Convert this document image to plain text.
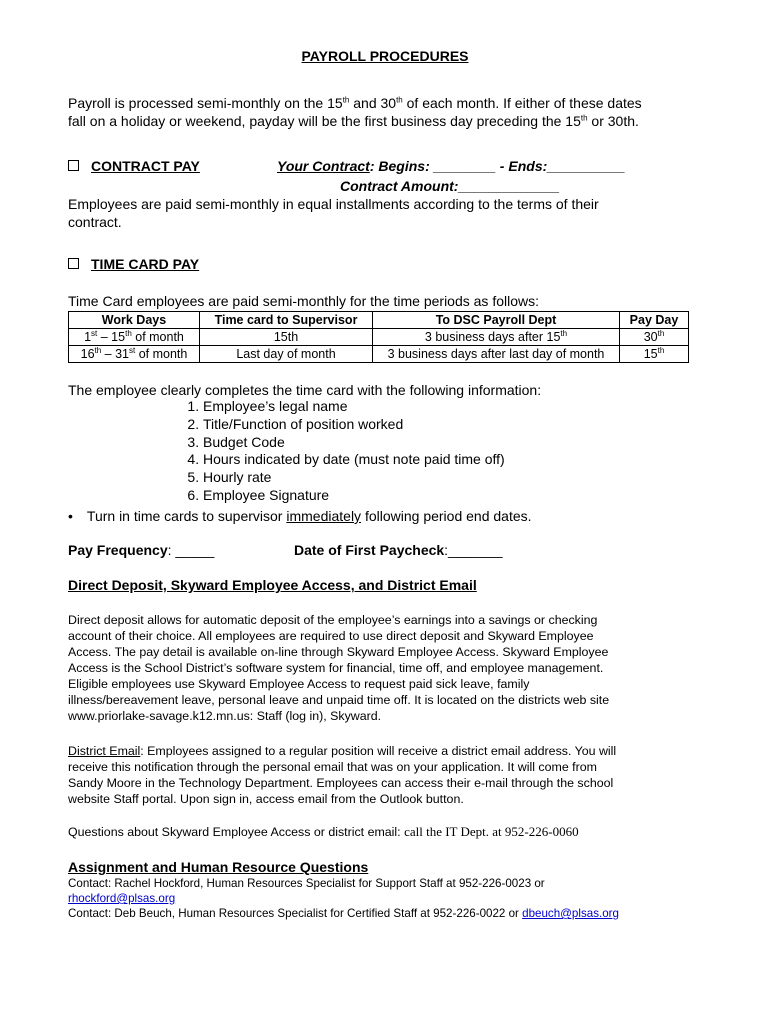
PAYROLL PROCEDURES
Payroll is processed semi-monthly on the 15th and 30th of each month. If either of these dates
fall on a holiday or weekend, payday will be the first business day preceding the 15th or 30th.
CONTRACT PAY	Your Contract: Begins: ________ - Ends:__________
Contract Amount:_____________
Employees are paid semi-monthly in equal installments according to the terms of their
contract.
TIME CARD PAY
Time Card employees are paid semi-monthly for the time periods as follows:
Work Days	Time card to Supervisor	To DSC Payroll Dept	Pay Day
1st – 15th of month	15th	3 business days after 15th	30th
16th – 31st of month	Last day of month	3 business days after last day of month	15th
The employee clearly completes the time card with the following information:
1. Employee’s legal name
2. Title/Function of position worked
3. Budget Code
4. Hours indicated by date (must note paid time off)
5. Hourly rate
6. Employee Signature
• Turn in time cards to supervisor immediately following period end dates.
Pay Frequency: _____	Date of First Paycheck:_______
Direct Deposit, Skyward Employee Access, and District Email
Direct deposit allows for automatic deposit of the employee’s earnings into a savings or checking
account of their choice. All employees are required to use direct deposit and Skyward Employee
Access. The pay detail is available on-line through Skyward Employee Access. Skyward Employee
Access is the School District’s software system for financial, time off, and employee management.
Eligible employees use Skyward Employee Access to request paid sick leave, family
illness/bereavement leave, personal leave and unpaid time off. It is located on the districts web site
www.priorlake-savage.k12.mn.us: Staff (log in), Skyward.
District Email: Employees assigned to a regular position will receive a district email address. You will
receive this notification through the personal email that was on your application. It will come from
Sandy Moore in the Technology Department. Employees can access their e-mail through the school
website Staff portal. Upon sign in, access email from the Outlook button.
Questions about Skyward Employee Access or district email: call the IT Dept. at 952-226-0060
Assignment and Human Resource Questions
Contact: Rachel Hockford, Human Resources Specialist for Support Staff at 952-226-0023 or
rhockford@plsas.org
Contact: Deb Beuch, Human Resources Specialist for Certified Staff at 952-226-0022 or dbeuch@plsas.org
